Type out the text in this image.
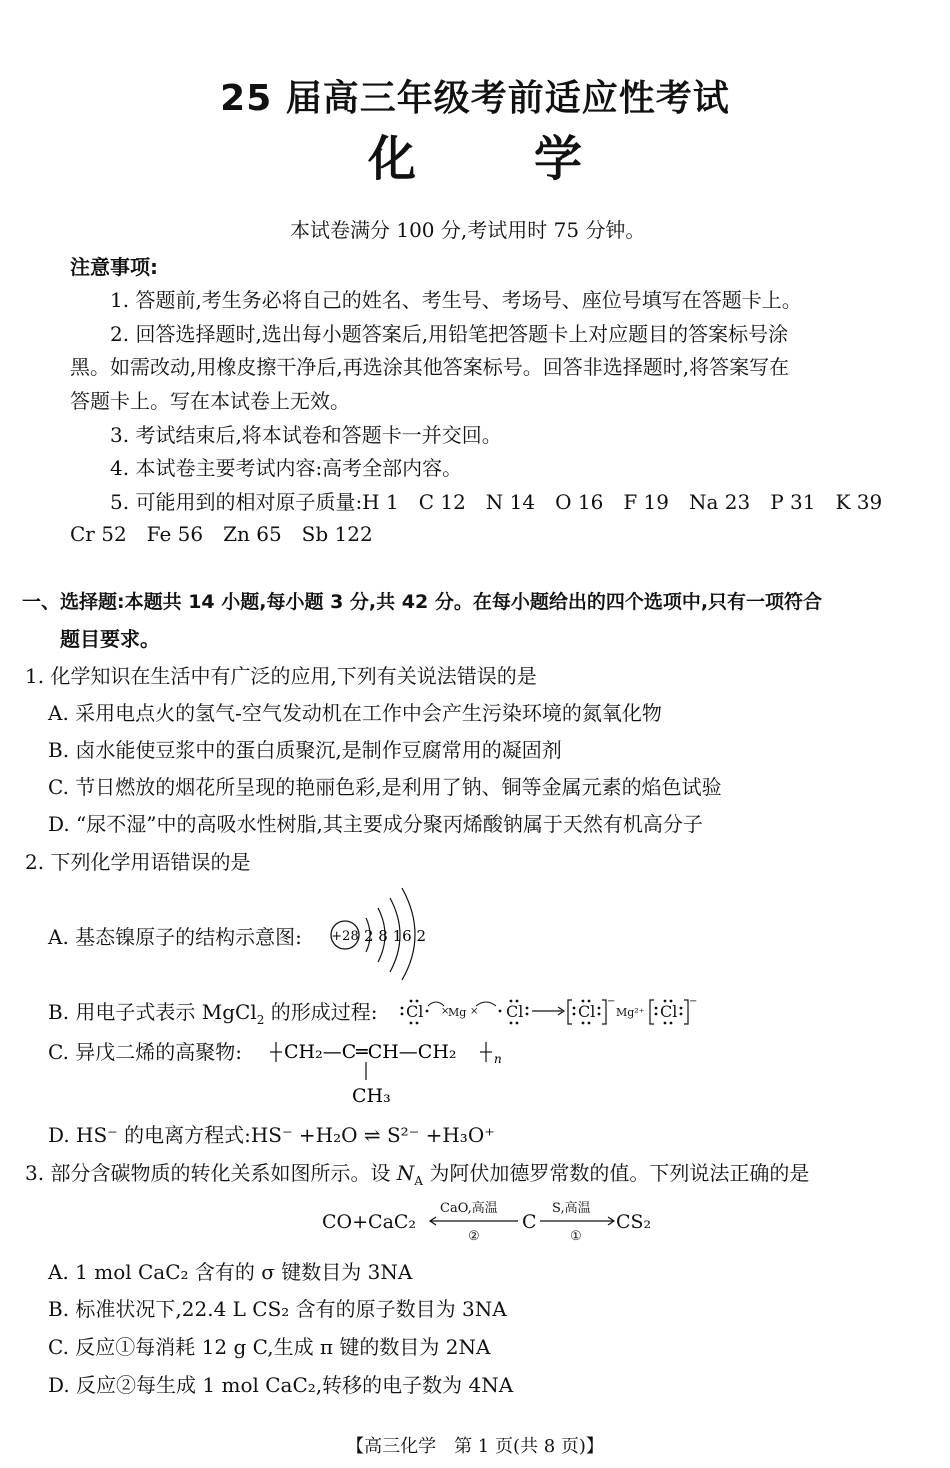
25 届高三年级考前适应性考试
化学
本试卷满分 100 分,考试用时 75 分钟。
注意事项:
1. 答题前,考生务必将自己的姓名、考生号、考场号、座位号填写在答题卡上。
2. 回答选择题时,选出每小题答案后,用铅笔把答题卡上对应题目的答案标号涂
黑。如需改动,用橡皮擦干净后,再选涂其他答案标号。回答非选择题时,将答案写在
答题卡上。写在本试卷上无效。
3. 考试结束后,将本试卷和答题卡一并交回。
4. 本试卷主要考试内容:高考全部内容。
5. 可能用到的相对原子质量:H 1　C 12　N 14　O 16　F 19　Na 23　P 31　K 39
Cr 52　Fe 56　Zn 65　Sb 122
一、选择题:本题共 14 小题,每小题 3 分,共 42 分。在每小题给出的四个选项中,只有一项符合
题目要求。
1. 化学知识在生活中有广泛的应用,下列有关说法错误的是
A. 采用电点火的氢气-空气发动机在工作中会产生污染环境的氮氧化物
B. 卤水能使豆浆中的蛋白质聚沉,是制作豆腐常用的凝固剂
C. 节日燃放的烟花所呈现的艳丽色彩,是利用了钠、铜等金属元素的焰色试验
D. “尿不湿”中的高吸水性树脂,其主要成分聚丙烯酸钠属于天然有机高分子
2. 下列化学用语错误的是
A. 基态镍原子的结构示意图: +28 2 8 16 2
B. 用电子式表示 MgCl$_2$ 的形成过程: Cl Mg
× × Cl	Cl
−
Mg²⁺ Cl
−
C. 异戊二烯的高聚物: CH₂—C═CH—CH₂	n
CH₃
D. HS⁻ 的电离方程式:HS⁻ +H₂O ⇌ S²⁻ +H₃O⁺
3. 部分含碳物质的转化关系如图所示。设 $N_A$ 为阿伏加德罗常数的值。下列说法正确的是
CO+CaC₂
CaO,高温
②
C
S,高温
①
CS₂
A. 1 mol CaC₂ 含有的 σ 键数目为 3NA
B. 标准状况下,22.4 L CS₂ 含有的原子数目为 3NA
C. 反应①每消耗 12 g C,生成 π 键的数目为 2NA
D. 反应②每生成 1 mol CaC₂,转移的电子数为 4NA
【高三化学　第 1 页(共 8 页)】
